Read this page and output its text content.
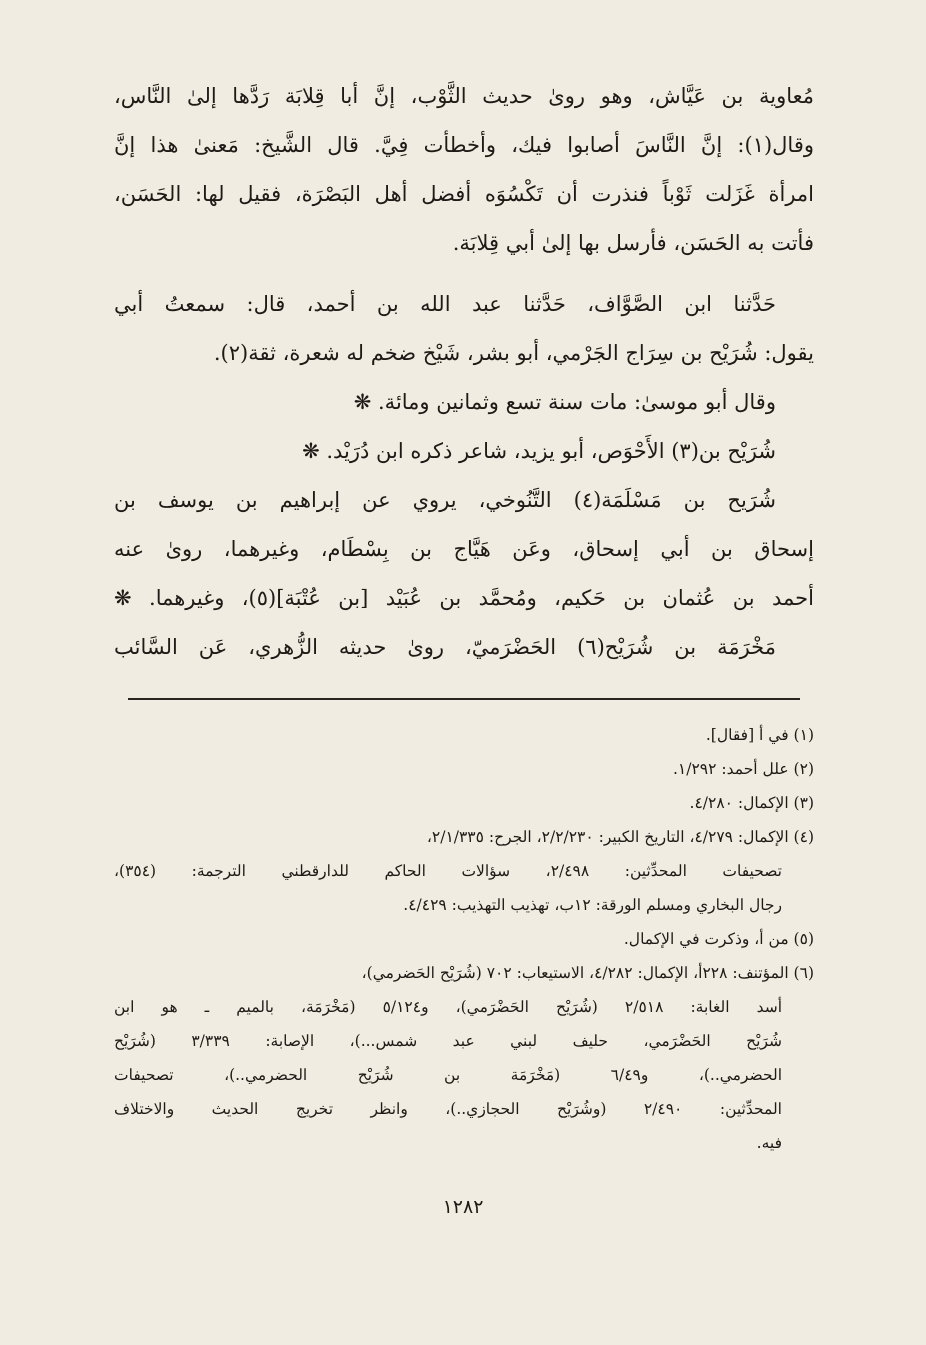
مُعاوية بن عَيَّاش، وهو روىٰ حديث الثَّوْب، إنَّ أبا قِلابَة رَدَّها إلىٰ النَّاس،
وقال(١): إنَّ النَّاسَ أصابوا فيك، وأخطأت فِيَّ. قال الشَّيخ: مَعنىٰ هذا إنَّ
امرأة غَزَلت ثَوْباً فنذرت أن تَكْسُوَه أفضل أهل البَصْرَة، فقيل لها: الحَسَن،
فأتت به الحَسَن، فأرسل بها إلىٰ أبي قِلابَة.
حَدَّثنا ابن الصَّوَّاف، حَدَّثنا عبد الله بن أحمد، قال: سمعتُ أبي
يقول: شُرَيْح بن سِرَاج الجَرْمي، أبو بشر، شَيْخ ضخم له شعرة، ثقة(٢).
وقال أبو موسىٰ: مات سنة تسع وثمانين ومائة. ❋
شُرَيْح بن(٣) الأَحْوَص، أبو يزيد، شاعر ذكره ابن دُرَيْد. ❋
شُرَيح بن مَسْلَمَة(٤) التَّنُوخي، يروي عن إبراهيم بن يوسف بن
إسحاق بن أبي إسحاق، وعَن هَيَّاج بن بِسْطَام، وغيرهما، روىٰ عنه
أحمد بن عُثمان بن حَكيم، ومُحمَّد بن عُبَيْد [بن عُتْبَة](٥)، وغيرهما. ❋
مَخْرَمَة بن شُرَيْح(٦) الحَضْرَميّ، روىٰ حديثه الزُّهري، عَن السَّائب
(١) في أ [فقال].
(٢) علل أحمد: ١/٢٩٢.
(٣) الإكمال: ٤/٢٨٠.
(٤) الإكمال: ٤/٢٧٩، التاريخ الكبير: ٢/٢/٢٣٠، الجرح: ٢/١/٣٣٥،
تصحيفات المحدِّثين: ٢/٤٩٨، سؤالات الحاكم للدارقطني الترجمة: (٣٥٤)،
رجال البخاري ومسلم الورقة: ١٢ب، تهذيب التهذيب: ٤/٤٢٩.
(٥) من أ، وذكرت في الإكمال.
(٦) المؤتنف: ٢٢٨أ، الإكمال: ٤/٢٨٢، الاستيعاب: ٧٠٢ (شُرَيْح الحَضرمي)،
أسد الغابة: ٢/٥١٨ (شُرَيْح الحَضْرَمي)، و٥/١٢٤ (مَخْرَمَة، بالميم ـ هو ابن
شُرَيْح الحَضْرَمي، حليف لبني عبد شمس...)، الإصابة: ٣/٣٣٩ (شُرَيْح
الحضرمي..)، و٦/٤٩ (مَخْرَمَة بن شُرَيْح الحضرمي..)، تصحيفات
المحدِّثين: ٢/٤٩٠ (وشُرَيْح الحجازي..)، وانظر تخريج الحديث والاختلاف
فيه.
١٢٨٢
